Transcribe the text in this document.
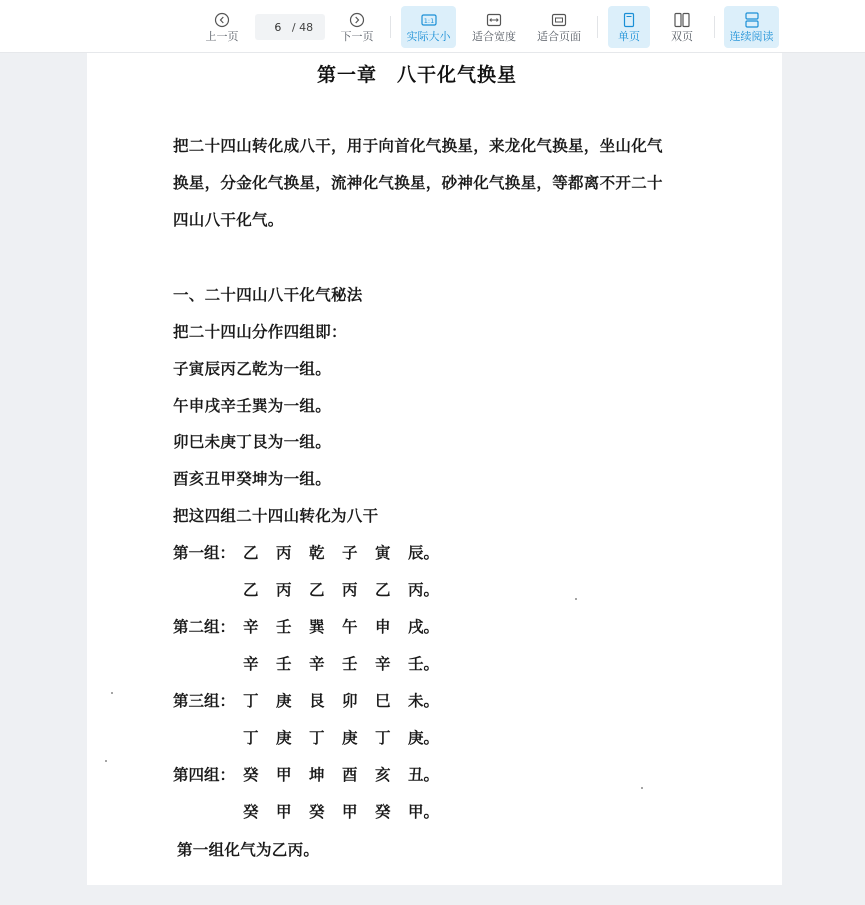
上一页
6
/ 48
下一页
1:1
实际大小 适合宽度 适合页面	单页	双页	连续阅读
第一章　八干化气换星
把二十四山转化成八干，用于向首化气换星，来龙化气换星，坐山化气换星，分金化气换星，流神化气换星，砂神化气换星，等都离不开二十四山八干化气。
一、二十四山八干化气秘法
把二十四山分作四组即：
子寅辰丙乙乾为一组。
午申戌辛壬巽为一组。
卯巳未庚丁艮为一组。
酉亥丑甲癸坤为一组。
把这四组二十四山转化为八干
第一组： 乙 丙 乾 子 寅 辰。
乙 丙 乙 丙 乙 丙。
第二组： 辛 壬 巽 午 申 戌。
辛 壬 辛 壬 辛 壬。
第三组： 丁 庚 艮 卯 巳 未。
丁 庚 丁 庚 丁 庚。
第四组： 癸 甲 坤 酉 亥 丑。
癸 甲 癸 甲 癸 甲。
第一组化气为乙丙。
